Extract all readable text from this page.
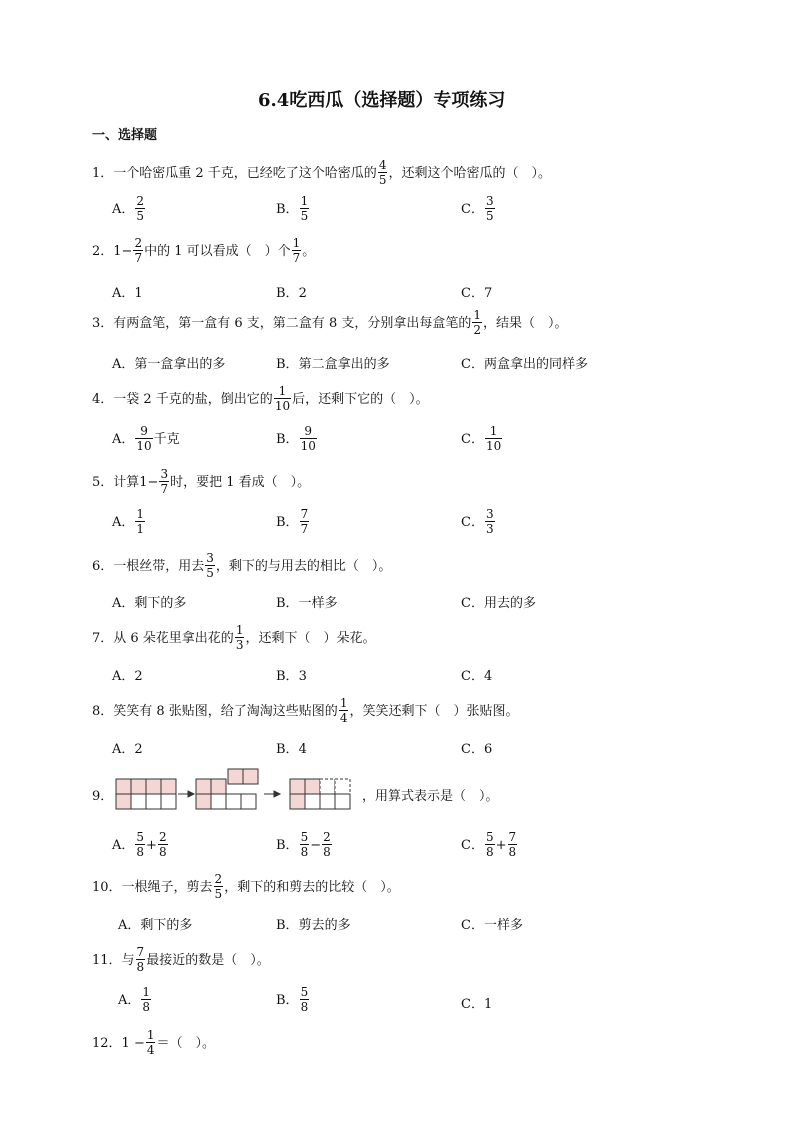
6.4吃西瓜（选择题）专项练习
一、选择题
1．一个哈密瓜重 2 千克，已经吃了这个哈密瓜的 $\frac{4}{5}$ ，还剩这个哈密瓜的（　）。
A． $\frac{2}{5}$	B． $\frac{1}{5}$	C． $\frac{3}{5}$
2．$1- \frac{2}{7}$ 中的 1 可以看成（　）个 $\frac{1}{7}$ 。
A．1	B．2	C．7
3．有两盒笔，第一盒有 6 支，第二盒有 8 支，分别拿出每盒笔的 $\frac{1}{2}$ ，结果（　）。
A．第一盒拿出的多	B．第二盒拿出的多	C．两盒拿出的同样多
4．一袋 2 千克的盐，倒出它的 $\frac{1}{10}$ 后，还剩下它的（　）。
A． $\frac{9}{10}$ 千克	B． $\frac{9}{10}$	C． $\frac{1}{10}$
5．计算$1- \frac{3}{7}$ 时，要把 1 看成（　）。
A． $\frac{1}{1}$	B． $\frac{7}{7}$	C． $\frac{3}{3}$
6．一根丝带，用去 $\frac{3}{5}$ ，剩下的与用去的相比（　）。
A．剩下的多	B．一样多	C．用去的多
7．从 6 朵花里拿出花的 $\frac{1}{3}$ ，还剩下（　）朵花。
A．2	B．3	C．4
8．笑笑有 8 张贴图，给了淘淘这些贴图的 $\frac{1}{4}$ ，笑笑还剩下（　）张贴图。
A．2	B．4	C．6
9．	，用算式表示是（　）。
A． $\frac{5}{8} + \frac{2}{8}$	B． $\frac{5}{8} - \frac{2}{8}$	C． $\frac{5}{8} + \frac{7}{8}$
10．一根绳子，剪去 $\frac{2}{5}$ ，剩下的和剪去的比较（　）。
A．剩下的多	B．剪去的多	C．一样多
11．与 $\frac{7}{8}$ 最接近的数是（　）。
A． $\frac{1}{8}$	B． $\frac{5}{8}$	C．1
12．$1 - \frac{1}{4}$ ＝（　）。
